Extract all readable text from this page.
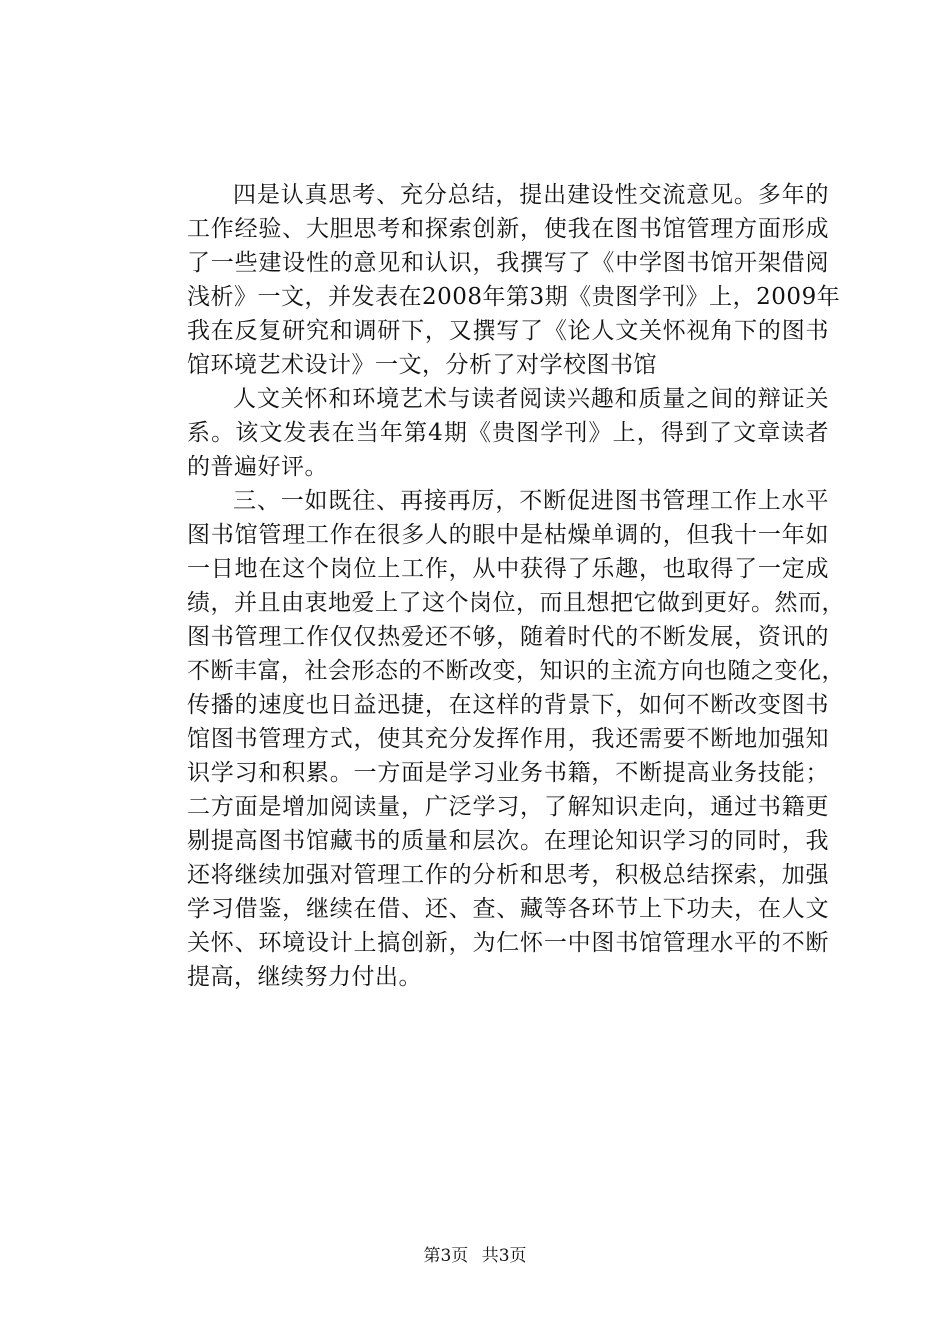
四是认真思考、充分总结，提出建设性交流意见。多年的
工作经验、大胆思考和探索创新，使我在图书馆管理方面形成
了一些建设性的意见和认识，我撰写了《中学图书馆开架借阅
浅析》一文，并发表在2008年第3期《贵图学刊》上，2009年
我在反复研究和调研下，又撰写了《论人文关怀视角下的图书
馆环境艺术设计》一文，分析了对学校图书馆
人文关怀和环境艺术与读者阅读兴趣和质量之间的辩证关
系。该文发表在当年第4期《贵图学刊》上，得到了文章读者
的普遍好评。
三、一如既往、再接再厉，不断促进图书管理工作上水平
图书馆管理工作在很多人的眼中是枯燥单调的，但我十一年如
一日地在这个岗位上工作，从中获得了乐趣，也取得了一定成
绩，并且由衷地爱上了这个岗位，而且想把它做到更好。然而，
图书管理工作仅仅热爱还不够，随着时代的不断发展，资讯的
不断丰富，社会形态的不断改变，知识的主流方向也随之变化，
传播的速度也日益迅捷，在这样的背景下，如何不断改变图书
馆图书管理方式，使其充分发挥作用，我还需要不断地加强知
识学习和积累。一方面是学习业务书籍，不断提高业务技能；
二方面是增加阅读量，广泛学习，了解知识走向，通过书籍更
剔提高图书馆藏书的质量和层次。在理论知识学习的同时，我
还将继续加强对管理工作的分析和思考，积极总结探索，加强
学习借鉴，继续在借、还、查、藏等各环节上下功夫，在人文
关怀、环境设计上搞创新，为仁怀一中图书馆管理水平的不断
提高，继续努力付出。
第3页 共3页
